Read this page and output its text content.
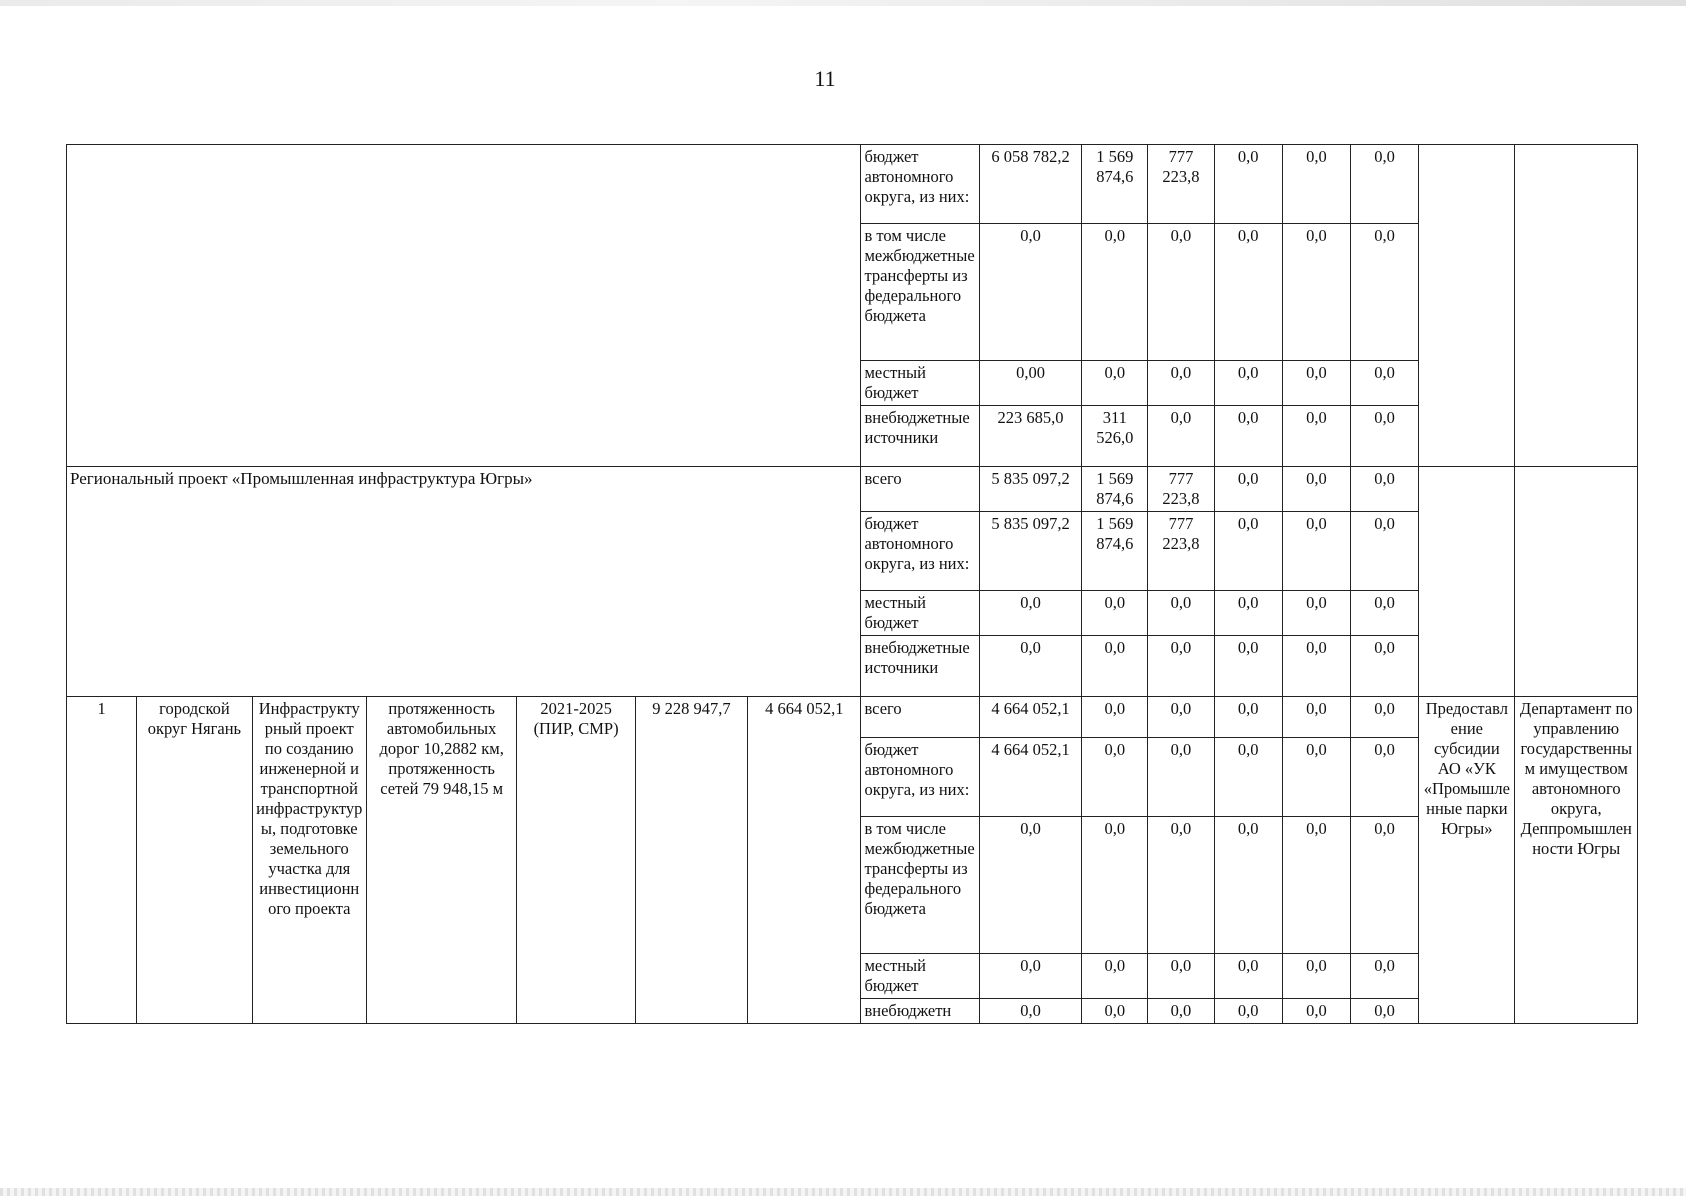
11
							бюджет автономного округа, из них:	6 058 782,2	1 569 874,6	777 223,8	0,0	0,0	0,0		
							в том числе межбюджетные трансферты из федерального бюджета	0,0	0,0	0,0	0,0	0,0	0,0		
							местный бюджет	0,00	0,0	0,0	0,0	0,0	0,0		
							внебюджетные источники	223 685,0	311 526,0	0,0	0,0	0,0	0,0		
Региональный проект «Промышленная инфраструктура Югры»							всего	5 835 097,2	1 569 874,6	777 223,8	0,0	0,0	0,0		
							бюджет автономного округа, из них:	5 835 097,2	1 569 874,6	777 223,8	0,0	0,0	0,0		
							местный бюджет	0,0	0,0	0,0	0,0	0,0	0,0		
							внебюджетные источники	0,0	0,0	0,0	0,0	0,0	0,0		
1	городской округ Нягань	Инфраструктурный проект по созданию инженерной и транспортной инфраструктуры, подготовке земельного участка для инвестиционного проекта	протяженность автомобильных дорог 10,2882 км, протяженность сетей 79 948,15 м	2021-2025 (ПИР, СМР)	9 228 947,7	4 664 052,1	всего	4 664 052,1	0,0	0,0	0,0	0,0	0,0	Предоставление субсидии АО «УК «Промышленные парки Югры»	Департамент по управлению государственным имуществом автономного округа, Деппромышленности Югры
							бюджет автономного округа, из них:	4 664 052,1	0,0	0,0	0,0	0,0	0,0		
							в том числе межбюджетные трансферты из федерального бюджета	0,0	0,0	0,0	0,0	0,0	0,0		
							местный бюджет	0,0	0,0	0,0	0,0	0,0	0,0		
							внебюджетн	0,0	0,0	0,0	0,0	0,0	0,0		
